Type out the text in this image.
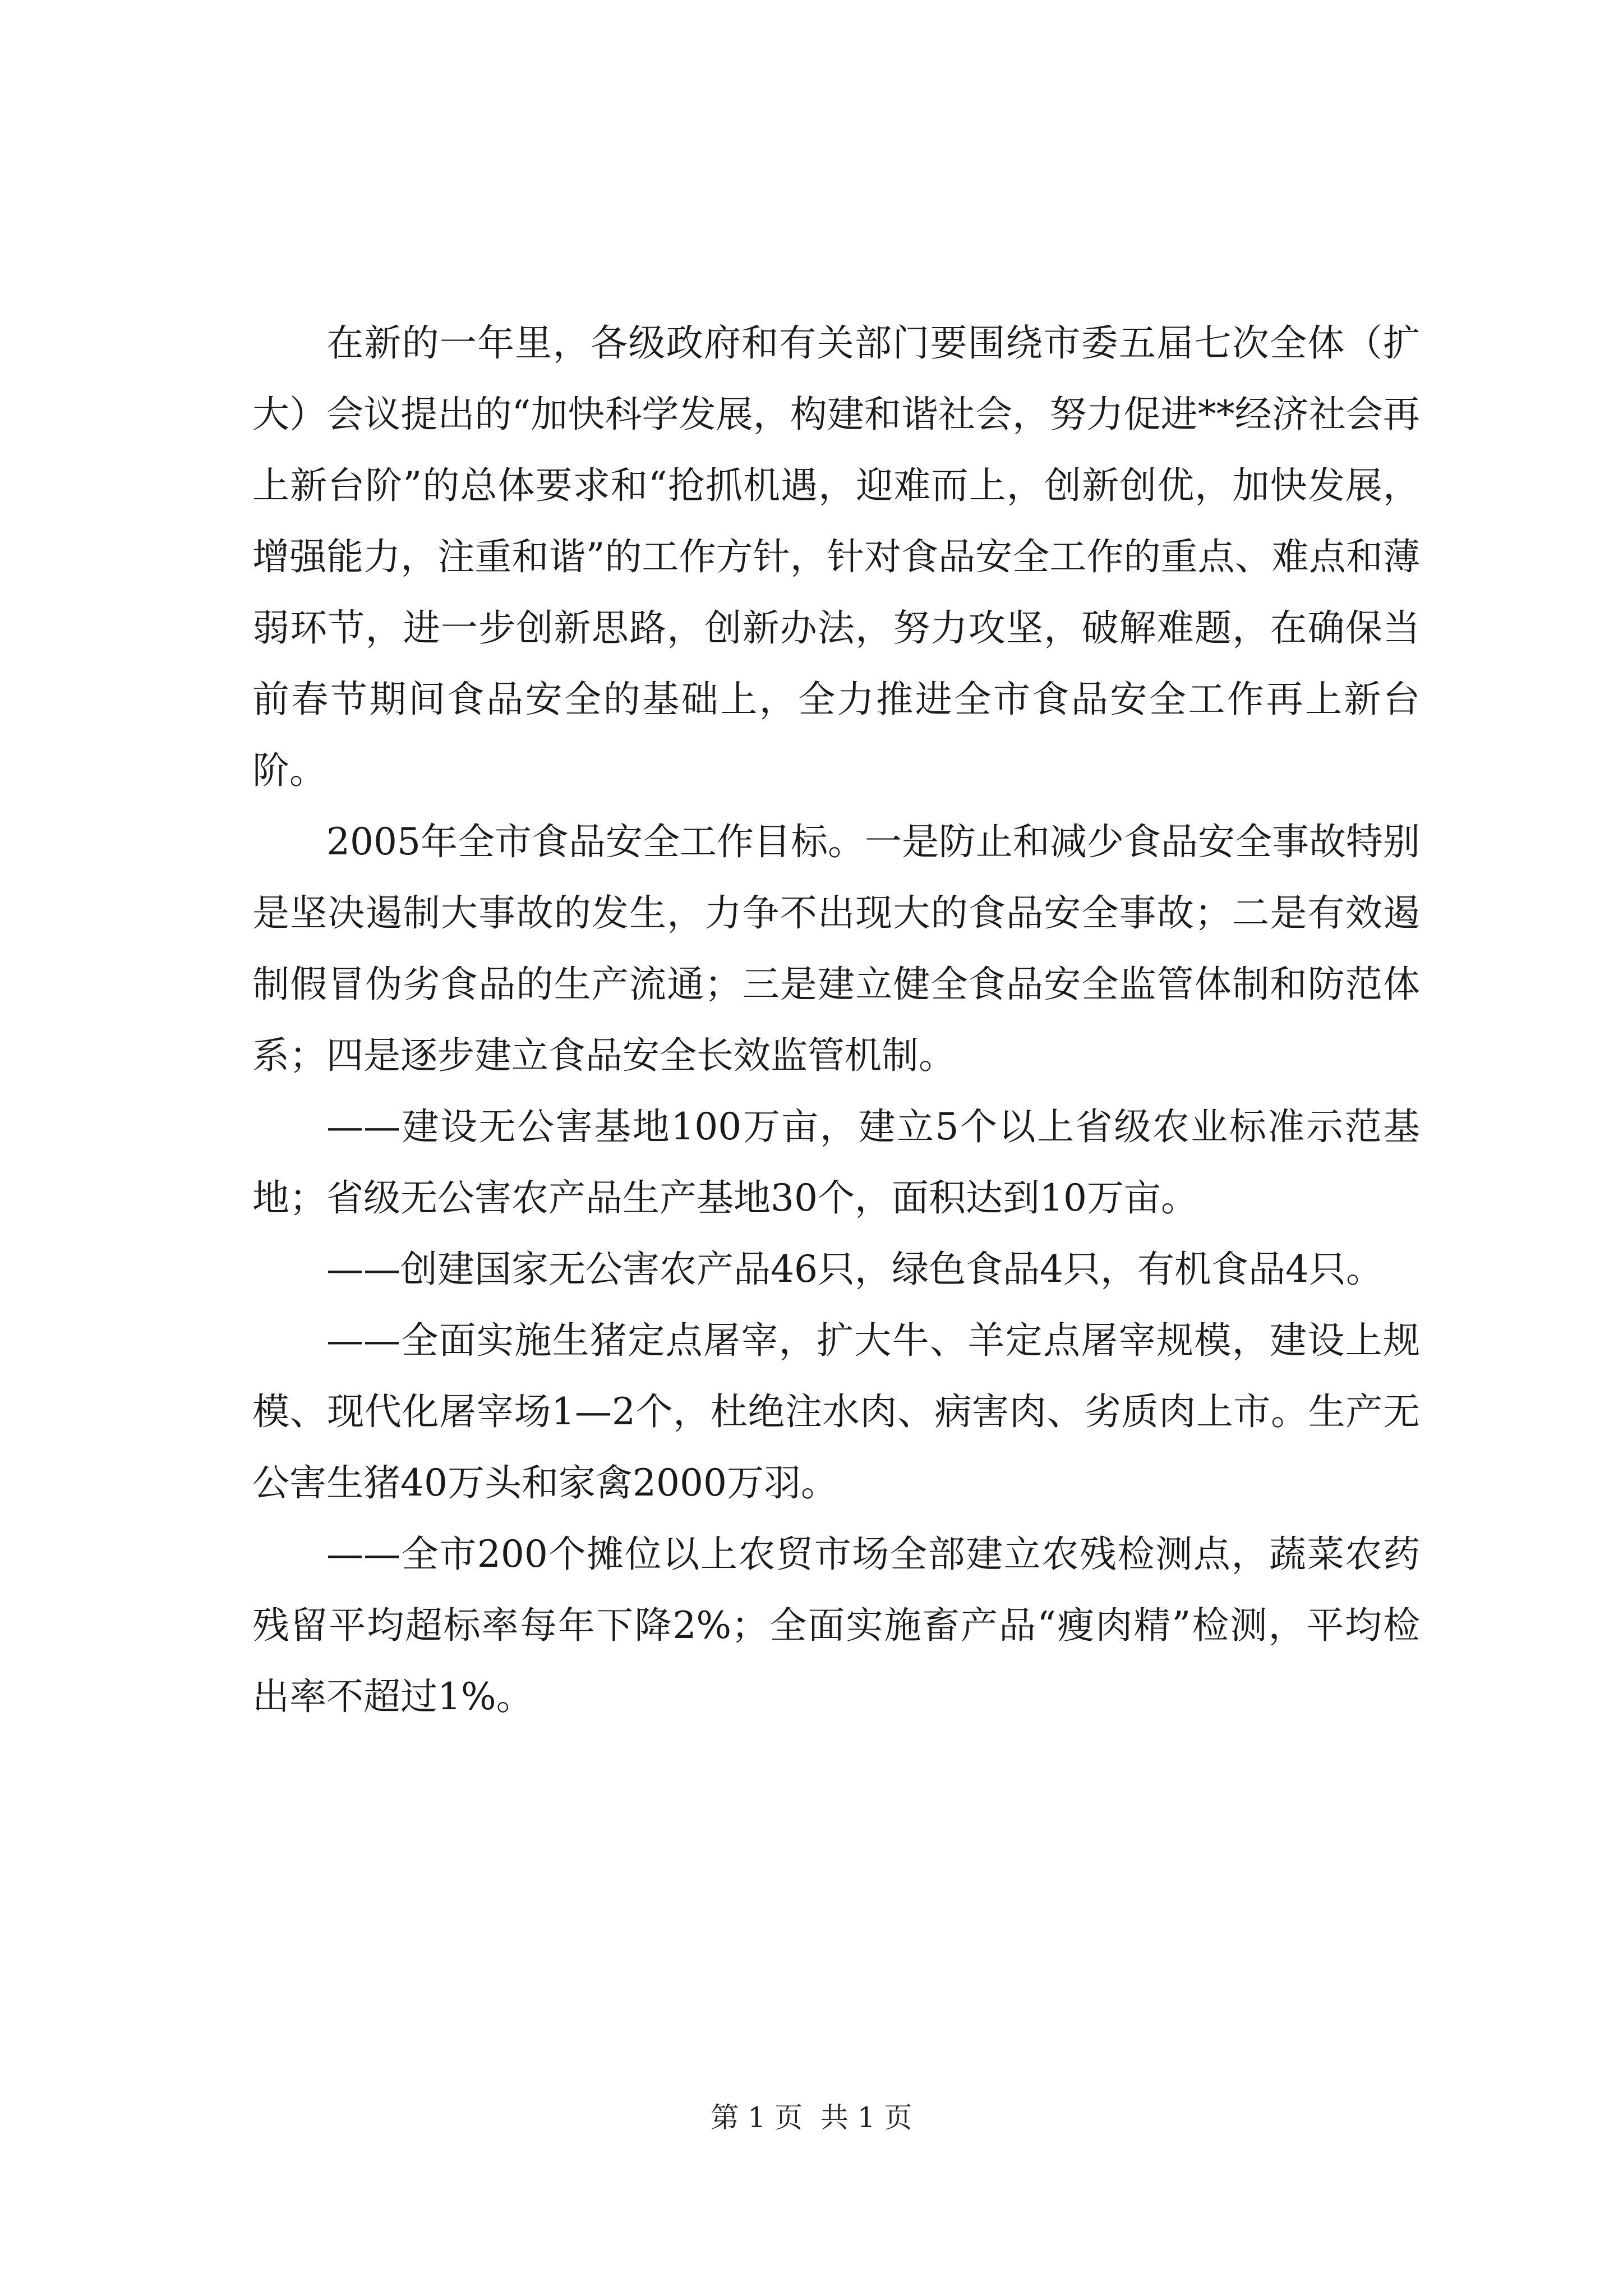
在新的一年里，各级政府和有关部门要围绕市委五届七次全体（扩大）会议提出的“加快科学发展，构建和谐社会，努力促进**经济社会再上新台阶”的总体要求和“抢抓机遇，迎难而上，创新创优，加快发展，增强能力，注重和谐”的工作方针，针对食品安全工作的重点、难点和薄弱环节，进一步创新思路，创新办法，努力攻坚，破解难题，在确保当前春节期间食品安全的基础上，全力推进全市食品安全工作再上新台阶。

2005年全市食品安全工作目标。一是防止和减少食品安全事故特别是坚决遏制大事故的发生，力争不出现大的食品安全事故；二是有效遏制假冒伪劣食品的生产流通；三是建立健全食品安全监管体制和防范体系；四是逐步建立食品安全长效监管机制。

——建设无公害基地100万亩，建立5个以上省级农业标准示范基地；省级无公害农产品生产基地30个，面积达到10万亩。

——创建国家无公害农产品46只，绿色食品4只，有机食品4只。

——全面实施生猪定点屠宰，扩大牛、羊定点屠宰规模，建设上规模、现代化屠宰场1—2个，杜绝注水肉、病害肉、劣质肉上市。生产无公害生猪40万头和家禽2000万羽。

——全市200个摊位以上农贸市场全部建立农残检测点，蔬菜农药残留平均超标率每年下降2%；全面实施畜产品“瘦肉精”检测，平均检出率不超过1%。

第 1 页  共 1 页
